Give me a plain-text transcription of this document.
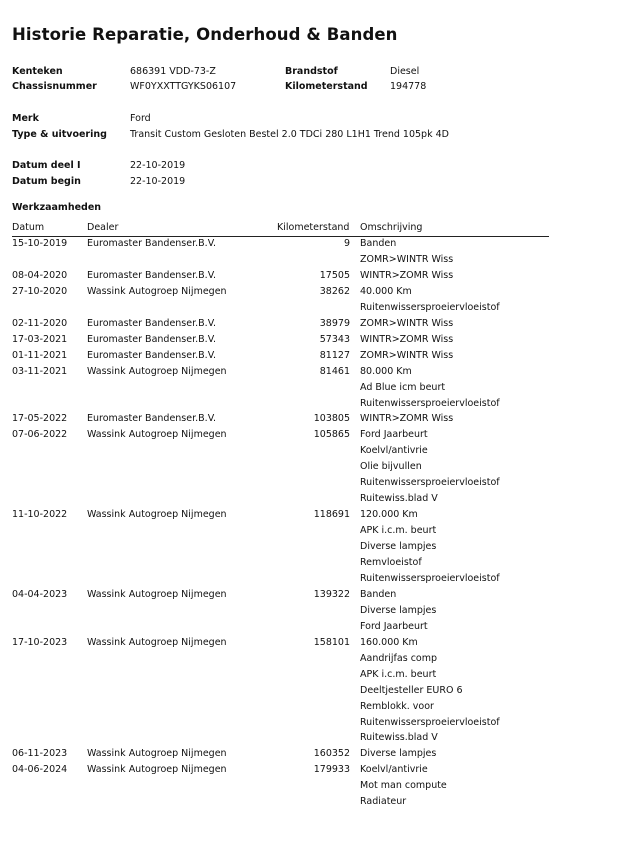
Historie Reparatie, Onderhoud & Banden
Kenteken	686391 VDD-73-Z	Brandstof	Diesel
Chassisnummer	WF0YXXTTGYKS06107	Kilometerstand 194778
Merk	Ford
Type & uitvoering Transit Custom Gesloten Bestel 2.0 TDCi 280 L1H1 Trend 105pk 4D
Datum deel I	22-10-2019
Datum begin	22-10-2019
Werkzaamheden
Datum	Dealer	Kilometerstand Omschrijving
15-10-2019 Euromaster Bandenser.B.V.	9 Banden
ZOMR>WINTR Wiss
08-04-2020 Euromaster Bandenser.B.V.	17505 WINTR>ZOMR Wiss
27-10-2020 Wassink Autogroep Nijmegen	38262 40.000 Km
Ruitenwissersproeiervloeistof
02-11-2020 Euromaster Bandenser.B.V.	38979 ZOMR>WINTR Wiss
17-03-2021 Euromaster Bandenser.B.V.	57343 WINTR>ZOMR Wiss
01-11-2021 Euromaster Bandenser.B.V.	81127 ZOMR>WINTR Wiss
03-11-2021 Wassink Autogroep Nijmegen	81461 80.000 Km
Ad Blue icm beurt
Ruitenwissersproeiervloeistof
17-05-2022 Euromaster Bandenser.B.V.	103805 WINTR>ZOMR Wiss
07-06-2022 Wassink Autogroep Nijmegen	105865 Ford Jaarbeurt
Koelvl/antivrie
Olie bijvullen
Ruitenwissersproeiervloeistof
Ruitewiss.blad V
11-10-2022 Wassink Autogroep Nijmegen	118691 120.000 Km
APK i.c.m. beurt
Diverse lampjes
Remvloeistof
Ruitenwissersproeiervloeistof
04-04-2023 Wassink Autogroep Nijmegen	139322 Banden
Diverse lampjes
Ford Jaarbeurt
17-10-2023 Wassink Autogroep Nijmegen	158101 160.000 Km
Aandrijfas comp
APK i.c.m. beurt
Deeltjesteller EURO 6
Remblokk. voor
Ruitenwissersproeiervloeistof
Ruitewiss.blad V
06-11-2023 Wassink Autogroep Nijmegen	160352 Diverse lampjes
04-06-2024 Wassink Autogroep Nijmegen	179933 Koelvl/antivrie
Mot man compute
Radiateur
